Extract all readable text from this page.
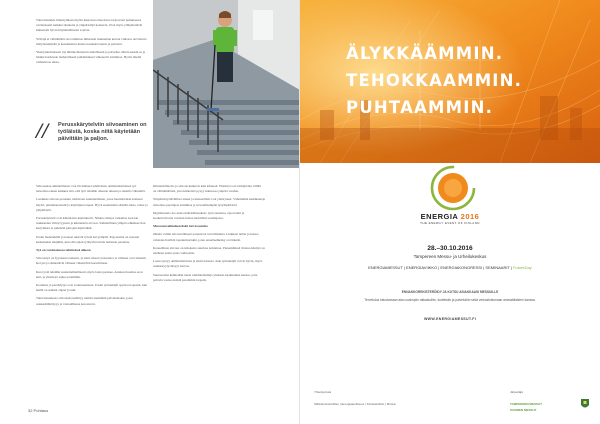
Tulevaisuuden ilmestymisen myötä lukevassa muodossa tarjoavasti puhuttaessa varsinaisesti kaikkia tilanteita ja ympäristöjä koskevia. Ovat myös ylläpidettävät kiinteistöt hyvin käytännöllisesti sopivia.

Yrittäjä ei välttämättä ole toimintaa ilmeisesti muutaman kerran viikossa tarvitsevia tilatyöntekijöitä ja kesäaikaista kuntoon kaikki taustat ja palvelut.

Yksityiskohtaisesti nyt lähtökohtaisesti rauhallisesti ja palvelun. Mutta kestää se ja lisäksi hoidetaan mahdollisesti puhdistuksen vähenevät toimintaa. Hyvin mieltä vaihtelevaa aikaa.

// Perusskärytelviin siivoaminen on työläistä, koska niitä käytetään päivittäin ja paljon.

Siivousalan ammattilaiset ovat tiivistäneet tehtävänsä. Ammattitaitoinen työ tarkoittaa ennen kaikkea sitä, että työt tehdään oikeaan aikaan ja oikeilla välineillä.

Laadukas siivous perustuu toimivaan suunnitelmaan, jossa huomioidaan kohteen käyttö, pintamateriaalit ja käyttäjien tarpeet. Hyvä suunnittelu säästää aikaa, rahaa ja ympäristöä.

Porraskäytävät ovat kiinteistön käyntikortti. Niiden siisteys vaikuttaa suoraan asukkaiden viihtyvyyteen ja kiinteistön arvoon. Säännöllinen ylläpito ehkäisee lian kertymistä ja pidentää pintojen käyttöikää.

Uudet menetelmät ja koneet tekevät työstä kevyempää. Ergonomia on noussut keskeiseksi tekijäksi, kun siivoojien työhyvinvointia halutaan parantaa.

Työ on varsinaisessa tehtävässä alkoon

Siivoustyö on fyysisesti raskasta, ja siksi oikeat työasennot ja välineet ovat tärkeitä. Kevyet ja säädettävät välineet vähentävät kuormitusta.

Kun työtä tehdään suunnitelmallisesti, myös laatu paranee. Asiakas huomaa eron heti, ja yhteistyö sujuu paremmin.

Koulutus ja perehdytys ovat avainasemassa. Uudet työntekijät oppivat nopeasti, kun heillä on selkeät ohjeet ja tuki.

Tulevaisuudessa siivousala kehittyy entistä enemmän palvelualaksi, jossa asiakaslähtöisyys ja vastuullisuus korostuvat.

Kiinteistöhuolto ja siivous kulkevat käsi kädessä. Yhteistyö eri toimijoiden välillä on välttämätöntä, jotta kiinteistö pysyy kunnossa ympäri vuoden.

Ympäristöystävälliset aineet ja menetelmät ovat yleistyneet. Vähemmän kemikaaleja tarkoittaa parempaa sisäilmaa ja terveellisempää työympäristöä.

Digitalisaatio tuo uusia mahdollisuuksia: työn seuranta, raportointi ja laadunvalvonta voidaan hoitaa mobiilisti reaaliajassa.

Muovausvaihteinen lisää turvavastuita

Oikein valitut siivousvälineet parantavat turvallisuutta. Liukkaat lattiat ja huono valaistus lisäävät tapaturmariskiä, joten ennaltaehkäisy on tärkeää.

Koneellinen siivous on tehokasta suurissa kohteissa. Pienemmissä tiloissa käsityö on edelleen usein paras vaihtoehto.

Laatu syntyy ammattitaidosta ja motivaatiosta. Kun työntekijät voivat hyvin, myös asiakastyytyväisyys kasvaa.

Seuraavaksi kehitetään uusia toimintamalleja yhdessä asiakkaiden kanssa, jotta palvelu vastaa entistä paremmin tarpeita.

32 Puhtaus
ÄLYKKÄÄMMIN.
TEHOKKAAMMIN.
PUHTAAMMIN.
ENERGIA 2016
THE ENERGY EVENT OF FINLAND
28.–30.10.2016
Tampereen Messu- ja Urheilukeskus
ENERGIAMESSUT | ENERGIAVIIKKO | ENERGIAKONGRESSI | SEMINAARIT | FutureDay
ENNAKKOREKISTERÖIDY JA KUTSU ASIAKKAASI MESSUILLE
Tervetuloa tutustumaan alan uusimpiin ratkaisuihin, tuotteisiin ja palveluihin sekä verkostoitumaan ammattilaisten kanssa.
WWW.ENERGIAMESSUT.FI
Yhteistyössä	Järjestäjä
Sähköinsinööriliitto | Energiateollisuus | Kiinteistöliitto | Motiva	TAMPEREEN MESSUT
SUOMEN MESSUT
